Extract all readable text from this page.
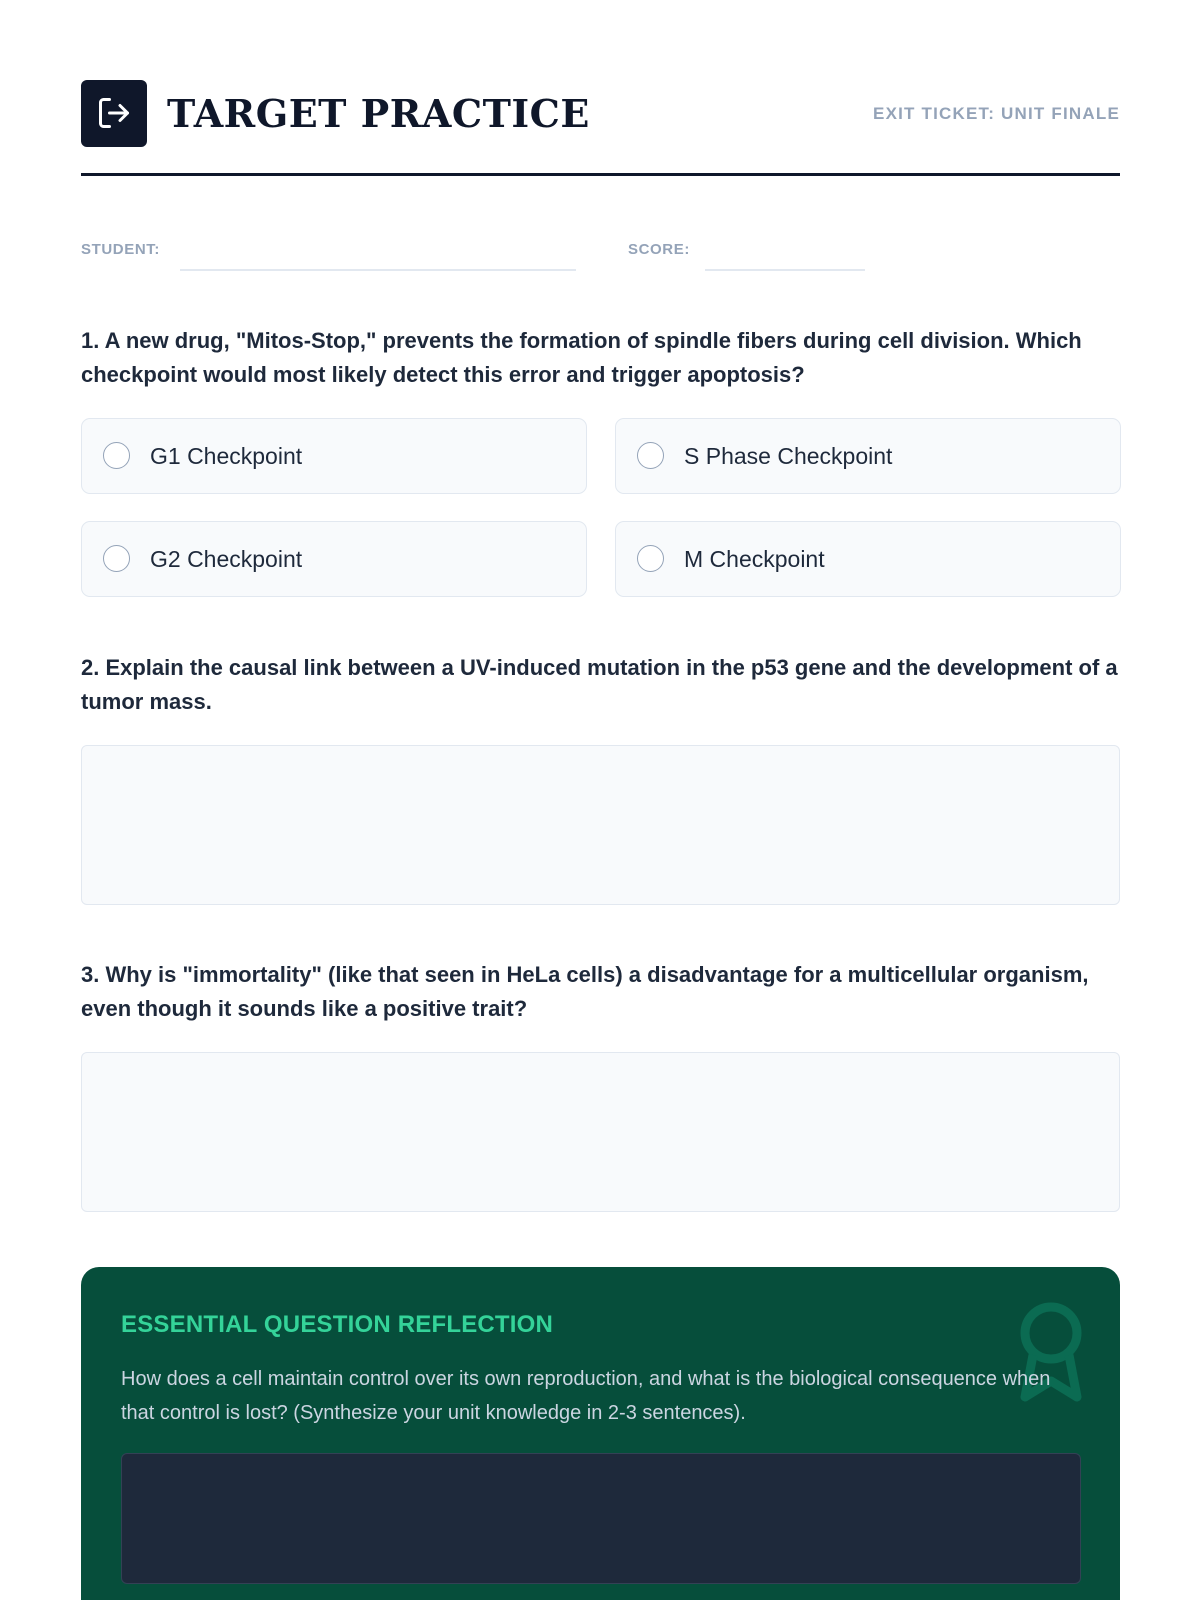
TARGET PRACTICE	EXIT TICKET: UNIT FINALE
STUDENT:	SCORE:
1. A new drug, "Mitos-Stop," prevents the formation of spindle fibers during cell division. Which checkpoint would most likely detect this error and trigger apoptosis?
G1 Checkpoint	S Phase Checkpoint
G2 Checkpoint	M Checkpoint
2. Explain the causal link between a UV-induced mutation in the p53 gene and the development of a tumor mass.
3. Why is "immortality" (like that seen in HeLa cells) a disadvantage for a multicellular organism, even though it sounds like a positive trait?
ESSENTIAL QUESTION REFLECTION
How does a cell maintain control over its own reproduction, and what is the biological consequence when that control is lost? (Synthesize your unit knowledge in 2-3 sentences).
